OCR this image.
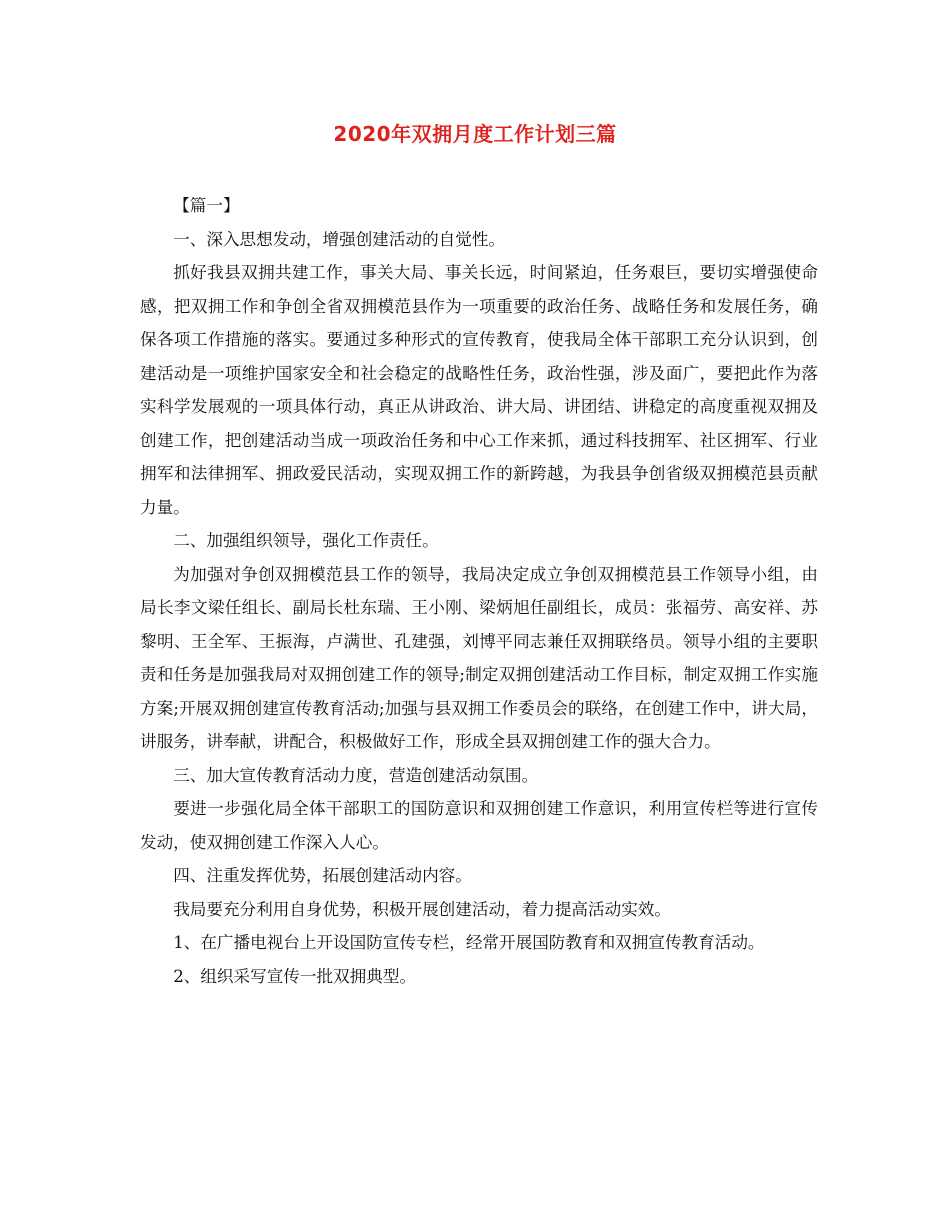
2020年双拥月度工作计划三篇

【篇一】

一、深入思想发动，增强创建活动的自觉性。

抓好我县双拥共建工作，事关大局、事关长远，时间紧迫，任务艰巨，要切实增强使命感，把双拥工作和争创全省双拥模范县作为一项重要的政治任务、战略任务和发展任务，确保各项工作措施的落实。要通过多种形式的宣传教育，使我局全体干部职工充分认识到，创建活动是一项维护国家安全和社会稳定的战略性任务，政治性强，涉及面广，要把此作为落实科学发展观的一项具体行动，真正从讲政治、讲大局、讲团结、讲稳定的高度重视双拥及创建工作，把创建活动当成一项政治任务和中心工作来抓，通过科技拥军、社区拥军、行业拥军和法律拥军、拥政爱民活动，实现双拥工作的新跨越，为我县争创省级双拥模范县贡献力量。

二、加强组织领导，强化工作责任。

为加强对争创双拥模范县工作的领导，我局决定成立争创双拥模范县工作领导小组，由局长李文梁任组长、副局长杜东瑞、王小刚、梁炳旭任副组长，成员：张福劳、高安祥、苏黎明、王全军、王振海，卢满世、孔建强，刘博平同志兼任双拥联络员。领导小组的主要职责和任务是加强我局对双拥创建工作的领导;制定双拥创建活动工作目标，制定双拥工作实施方案;开展双拥创建宣传教育活动;加强与县双拥工作委员会的联络，在创建工作中，讲大局，讲服务，讲奉献，讲配合，积极做好工作，形成全县双拥创建工作的强大合力。

三、加大宣传教育活动力度，营造创建活动氛围。

要进一步强化局全体干部职工的国防意识和双拥创建工作意识，利用宣传栏等进行宣传发动，使双拥创建工作深入人心。

四、注重发挥优势，拓展创建活动内容。

我局要充分利用自身优势，积极开展创建活动，着力提高活动实效。

1、在广播电视台上开设国防宣传专栏，经常开展国防教育和双拥宣传教育活动。

2、组织采写宣传一批双拥典型。
